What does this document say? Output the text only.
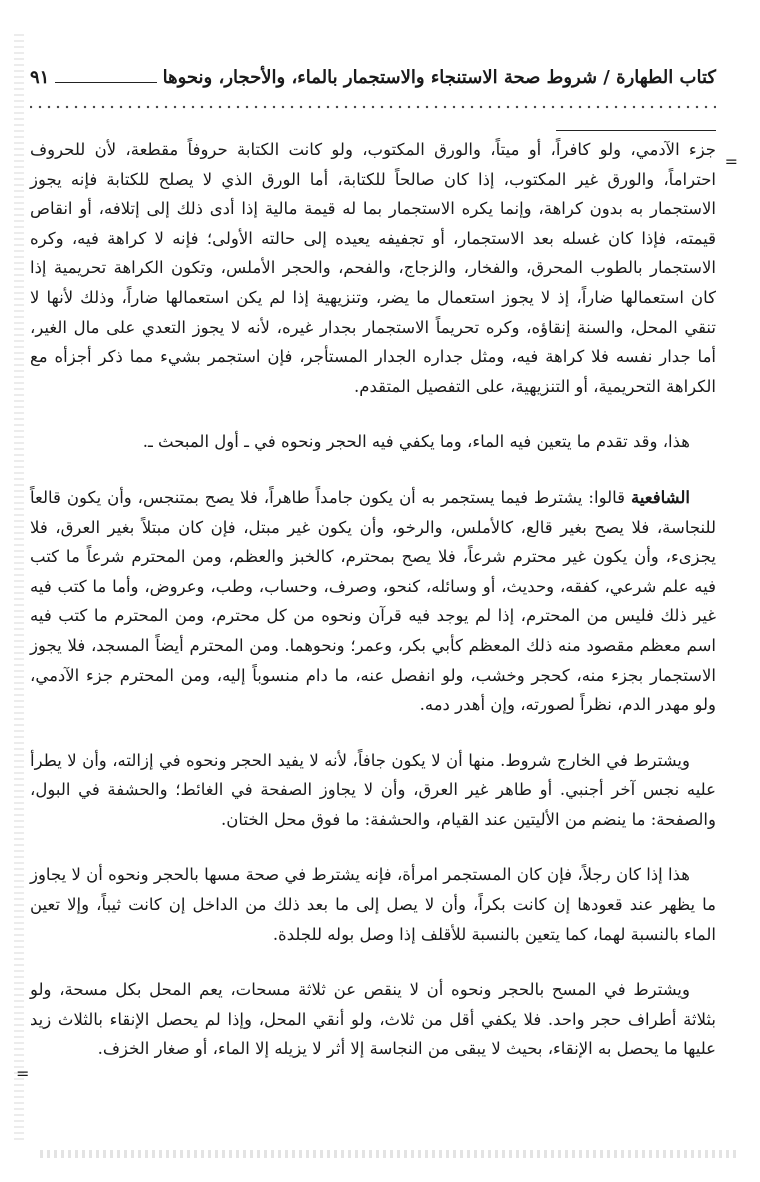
كتاب الطهارة / شروط صحة الاستنجاء والاستجمار بالماء، والأحجار، ونحوها
٩١
=

جزء الآدمي، ولو كافراً، أو ميتاً، والورق المكتوب، ولو كانت الكتابة حروفاً مقطعة، لأن للحروف احتراماً، والورق غير المكتوب، إذا كان صالحاً للكتابة، أما الورق الذي لا يصلح للكتابة فإنه يجوز الاستجمار به بدون كراهة، وإنما يكره الاستجمار بما له قيمة مالية إذا أدى ذلك إلى إتلافه، أو انقاص قيمته، فإذا كان غسله بعد الاستجمار، أو تجفيفه يعيده إلى حالته الأولى؛ فإنه لا كراهة فيه، وكره الاستجمار بالطوب المحرق، والفخار، والزجاج، والفحم، والحجر الأملس، وتكون الكراهة تحريمية إذا كان استعمالها ضاراً، إذ لا يجوز استعمال ما يضر، وتنزيهية إذا لم يكن استعمالها ضاراً، وذلك لأنها لا تنقي المحل، والسنة إنقاؤه، وكره تحريماً الاستجمار بجدار غيره، لأنه لا يجوز التعدي على مال الغير، أما جدار نفسه فلا كراهة فيه، ومثل جداره الجدار المستأجر، فإن استجمر بشيء مما ذكر أجزأه مع الكراهة التحريمية، أو التنزيهية، على التفصيل المتقدم.

هذا، وقد تقدم ما يتعين فيه الماء، وما يكفي فيه الحجر ونحوه في ـ أول المبحث ـ.

الشافعية قالوا: يشترط فيما يستجمر به أن يكون جامداً طاهراً، فلا يصح بمتنجس، وأن يكون قالعاً للنجاسة، فلا يصح بغير قالع، كالأملس، والرخو، وأن يكون غير مبتل، فإن كان مبتلاً بغير العرق، فلا يجزىء، وأن يكون غير محترم شرعاً، فلا يصح بمحترم، كالخبز والعظم، ومن المحترم شرعاً ما كتب فيه علم شرعي، كفقه، وحديث، أو وسائله، كنحو، وصرف، وحساب، وطب، وعروض، وأما ما كتب فيه غير ذلك فليس من المحترم، إذا لم يوجد فيه قرآن ونحوه من كل محترم، ومن المحترم ما كتب فيه اسم معظم مقصود منه ذلك المعظم كأبي بكر، وعمر؛ ونحوهما. ومن المحترم أيضاً المسجد، فلا يجوز الاستجمار بجزء منه، كحجر وخشب، ولو انفصل عنه، ما دام منسوباً إليه، ومن المحترم جزء الآدمي، ولو مهدر الدم، نظراً لصورته، وإن أهدر دمه.

ويشترط في الخارج شروط. منها أن لا يكون جافاً، لأنه لا يفيد الحجر ونحوه في إزالته، وأن لا يطرأ عليه نجس آخر أجنبي. أو طاهر غير العرق، وأن لا يجاوز الصفحة في الغائط؛ والحشفة في البول، والصفحة: ما ينضم من الأليتين عند القيام، والحشفة: ما فوق محل الختان.

هذا إذا كان رجلاً، فإن كان المستجمر امرأة، فإنه يشترط في صحة مسها بالحجر ونحوه أن لا يجاوز ما يظهر عند قعودها إن كانت بكراً، وأن لا يصل إلى ما بعد ذلك من الداخل إن كانت ثيباً، وإلا تعين الماء بالنسبة لهما، كما يتعين بالنسبة للأقلف إذا وصل بوله للجلدة.

ويشترط في المسح بالحجر ونحوه أن لا ينقص عن ثلاثة مسحات، يعم المحل بكل مسحة، ولو بثلاثة أطراف حجر واحد. فلا يكفي أقل من ثلاث، ولو أنقي المحل، وإذا لم يحصل الإنقاء بالثلاث زيد عليها ما يحصل به الإنقاء، بحيث لا يبقى من النجاسة إلا أثر لا يزيله إلا الماء، أو صغار الخزف.

=
